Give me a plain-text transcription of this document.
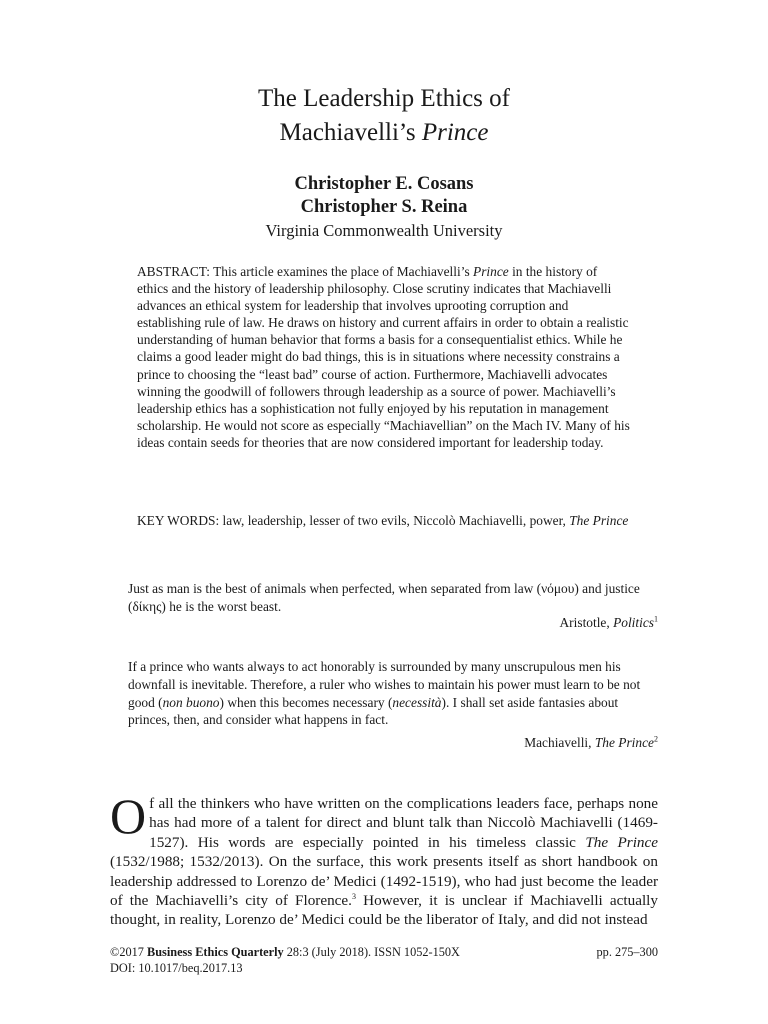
The Leadership Ethics of
Machiavelli’s Prince
Christopher E. Cosans
Christopher S. Reina
Virginia Commonwealth University
ABSTRACT: This article examines the place of Machiavelli’s Prince in the history of ethics and the history of leadership philosophy. Close scrutiny indicates that Machiavelli advances an ethical system for leadership that involves uprooting corruption and establishing rule of law. He draws on history and current affairs in order to obtain a realistic understanding of human behavior that forms a basis for a consequentialist ethics. While he claims a good leader might do bad things, this is in situations where necessity constrains a prince to choosing the “least bad” course of action. Furthermore, Machiavelli advocates winning the goodwill of followers through leadership as a source of power. Machiavelli’s leadership ethics has a sophistication not fully enjoyed by his reputation in management scholarship. He would not score as especially “Machiavellian” on the Mach IV. Many of his ideas contain seeds for theories that are now considered important for leadership today.
KEY WORDS: law, leadership, lesser of two evils, Niccolò Machiavelli, power, The Prince
Just as man is the best of animals when perfected, when separated from law (νόμου) and justice (δίκης) he is the worst beast.
Aristotle, Politics$^1$
If a prince who wants always to act honorably is surrounded by many unscrupulous men his downfall is inevitable. Therefore, a ruler who wishes to maintain his power must learn to be not good (non buono) when this becomes necessary (necessità). I shall set aside fantasies about princes, then, and consider what happens in fact.
Machiavelli, The Prince$^2$
Of all the thinkers who have written on the complications leaders face, perhaps none has had more of a talent for direct and blunt talk than Niccolò Machiavelli (1469-1527). His words are especially pointed in his timeless classic The Prince (1532/1988; 1532/2013). On the surface, this work presents itself as short handbook on leadership addressed to Lorenzo de’ Medici (1492-1519), who had just become the leader of the Machiavelli’s city of Florence.$^3$ However, it is unclear if Machiavelli actually thought, in reality, Lorenzo de’ Medici could be the liberator of Italy, and did not instead
©2017 Business Ethics Quarterly 28:3 (July 2018). ISSN 1052-150X	pp. 275–300
DOI: 10.1017/beq.2017.13
